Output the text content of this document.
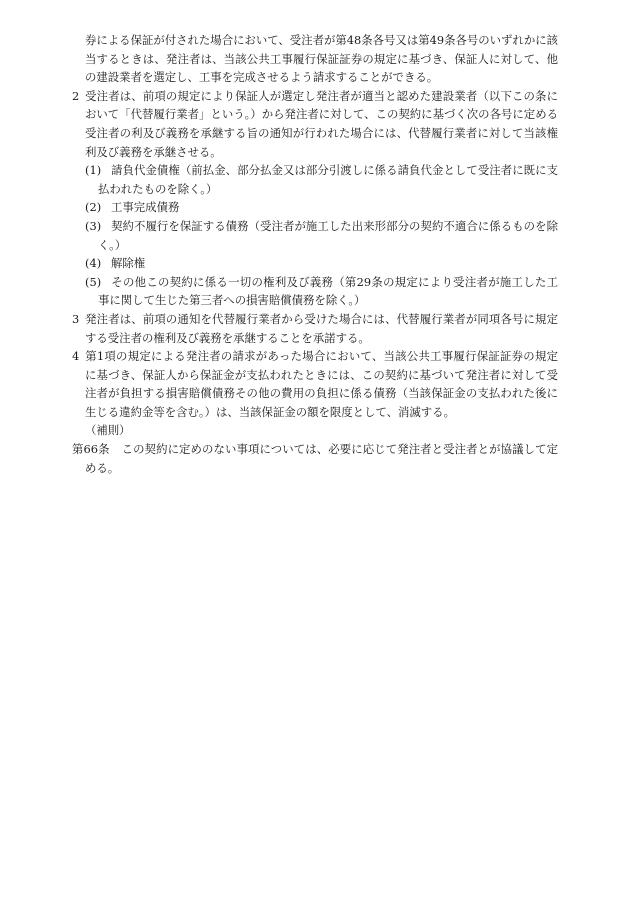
券による保証が付された場合において、受注者が第48条各号又は第49条各号のいずれかに該当するときは、発注者は、当該公共工事履行保証証券の規定に基づき、保証人に対して、他の建設業者を選定し、工事を完成させるよう請求することができる。

2 受注者は、前項の規定により保証人が選定し発注者が適当と認めた建設業者（以下この条において「代替履行業者」という。）から発注者に対して、この契約に基づく次の各号に定める受注者の利及び義務を承継する旨の通知が行われた場合には、代替履行業者に対して当該権利及び義務を承継させる。

(1) 請負代金債権（前払金、部分払金又は部分引渡しに係る請負代金として受注者に既に支払われたものを除く。）

(2) 工事完成債務

(3) 契約不履行を保証する債務（受注者が施工した出来形部分の契約不適合に係るものを除く。）

(4) 解除権

(5) その他この契約に係る一切の権利及び義務（第29条の規定により受注者が施工した工事に関して生じた第三者への損害賠償債務を除く。）

3 発注者は、前項の通知を代替履行業者から受けた場合には、代替履行業者が同項各号に規定する受注者の権利及び義務を承継することを承諾する。

4 第1項の規定による発注者の請求があった場合において、当該公共工事履行保証証券の規定に基づき、保証人から保証金が支払われたときには、この契約に基づいて発注者に対して受注者が負担する損害賠償債務その他の費用の負担に係る債務（当該保証金の支払われた後に生じる違約金等を含む。）は、当該保証金の額を限度として、消滅する。

（補則）

第66条 この契約に定めのない事項については、必要に応じて発注者と受注者とが協議して定める。
